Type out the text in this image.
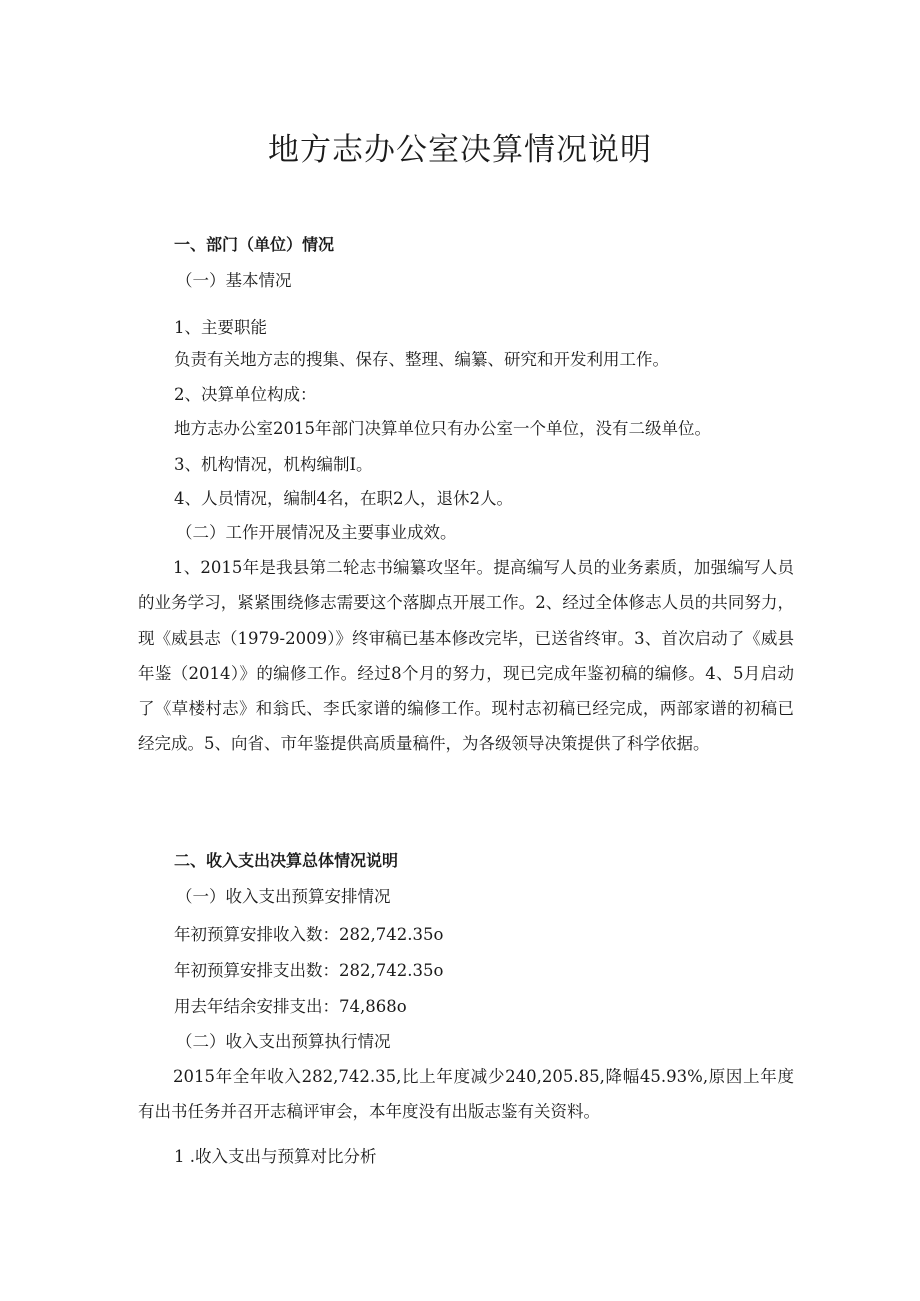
地方志办公室决算情况说明

一、部门（单位）情况

（一）基本情况

1、主要职能

负责有关地方志的搜集、保存、整理、编纂、研究和开发利用工作。

2、决算单位构成：

地方志办公室2015年部门决算单位只有办公室一个单位，没有二级单位。

3、机构情况，机构编制I。

4、人员情况，编制4名，在职2人，退休2人。

（二）工作开展情况及主要事业成效。

1、2015年是我县第二轮志书编纂攻坚年。提高编写人员的业务素质，加强编写人员的业务学习，紧紧围绕修志需要这个落脚点开展工作。2、经过全体修志人员的共同努力，现《威县志（1979-2009）》终审稿已基本修改完毕，已送省终审。3、首次启动了《威县年鉴（2014）》的编修工作。经过8个月的努力，现已完成年鉴初稿的编修。4、5月启动了《草楼村志》和翁氏、李氏家谱的编修工作。现村志初稿已经完成，两部家谱的初稿已经完成。5、向省、市年鉴提供高质量稿件，为各级领导决策提供了科学依据。

二、收入支出决算总体情况说明

（一）收入支出预算安排情况

年初预算安排收入数：282,742.35o

年初预算安排支出数：282,742.35o

用去年结余安排支出：74,868o

（二）收入支出预算执行情况

2015年全年收入282,742.35,比上年度减少240,205.85,降幅45.93%,原因上年度有出书任务并召开志稿评审会，本年度没有出版志鉴有关资料。

1 .收入支出与预算对比分析
